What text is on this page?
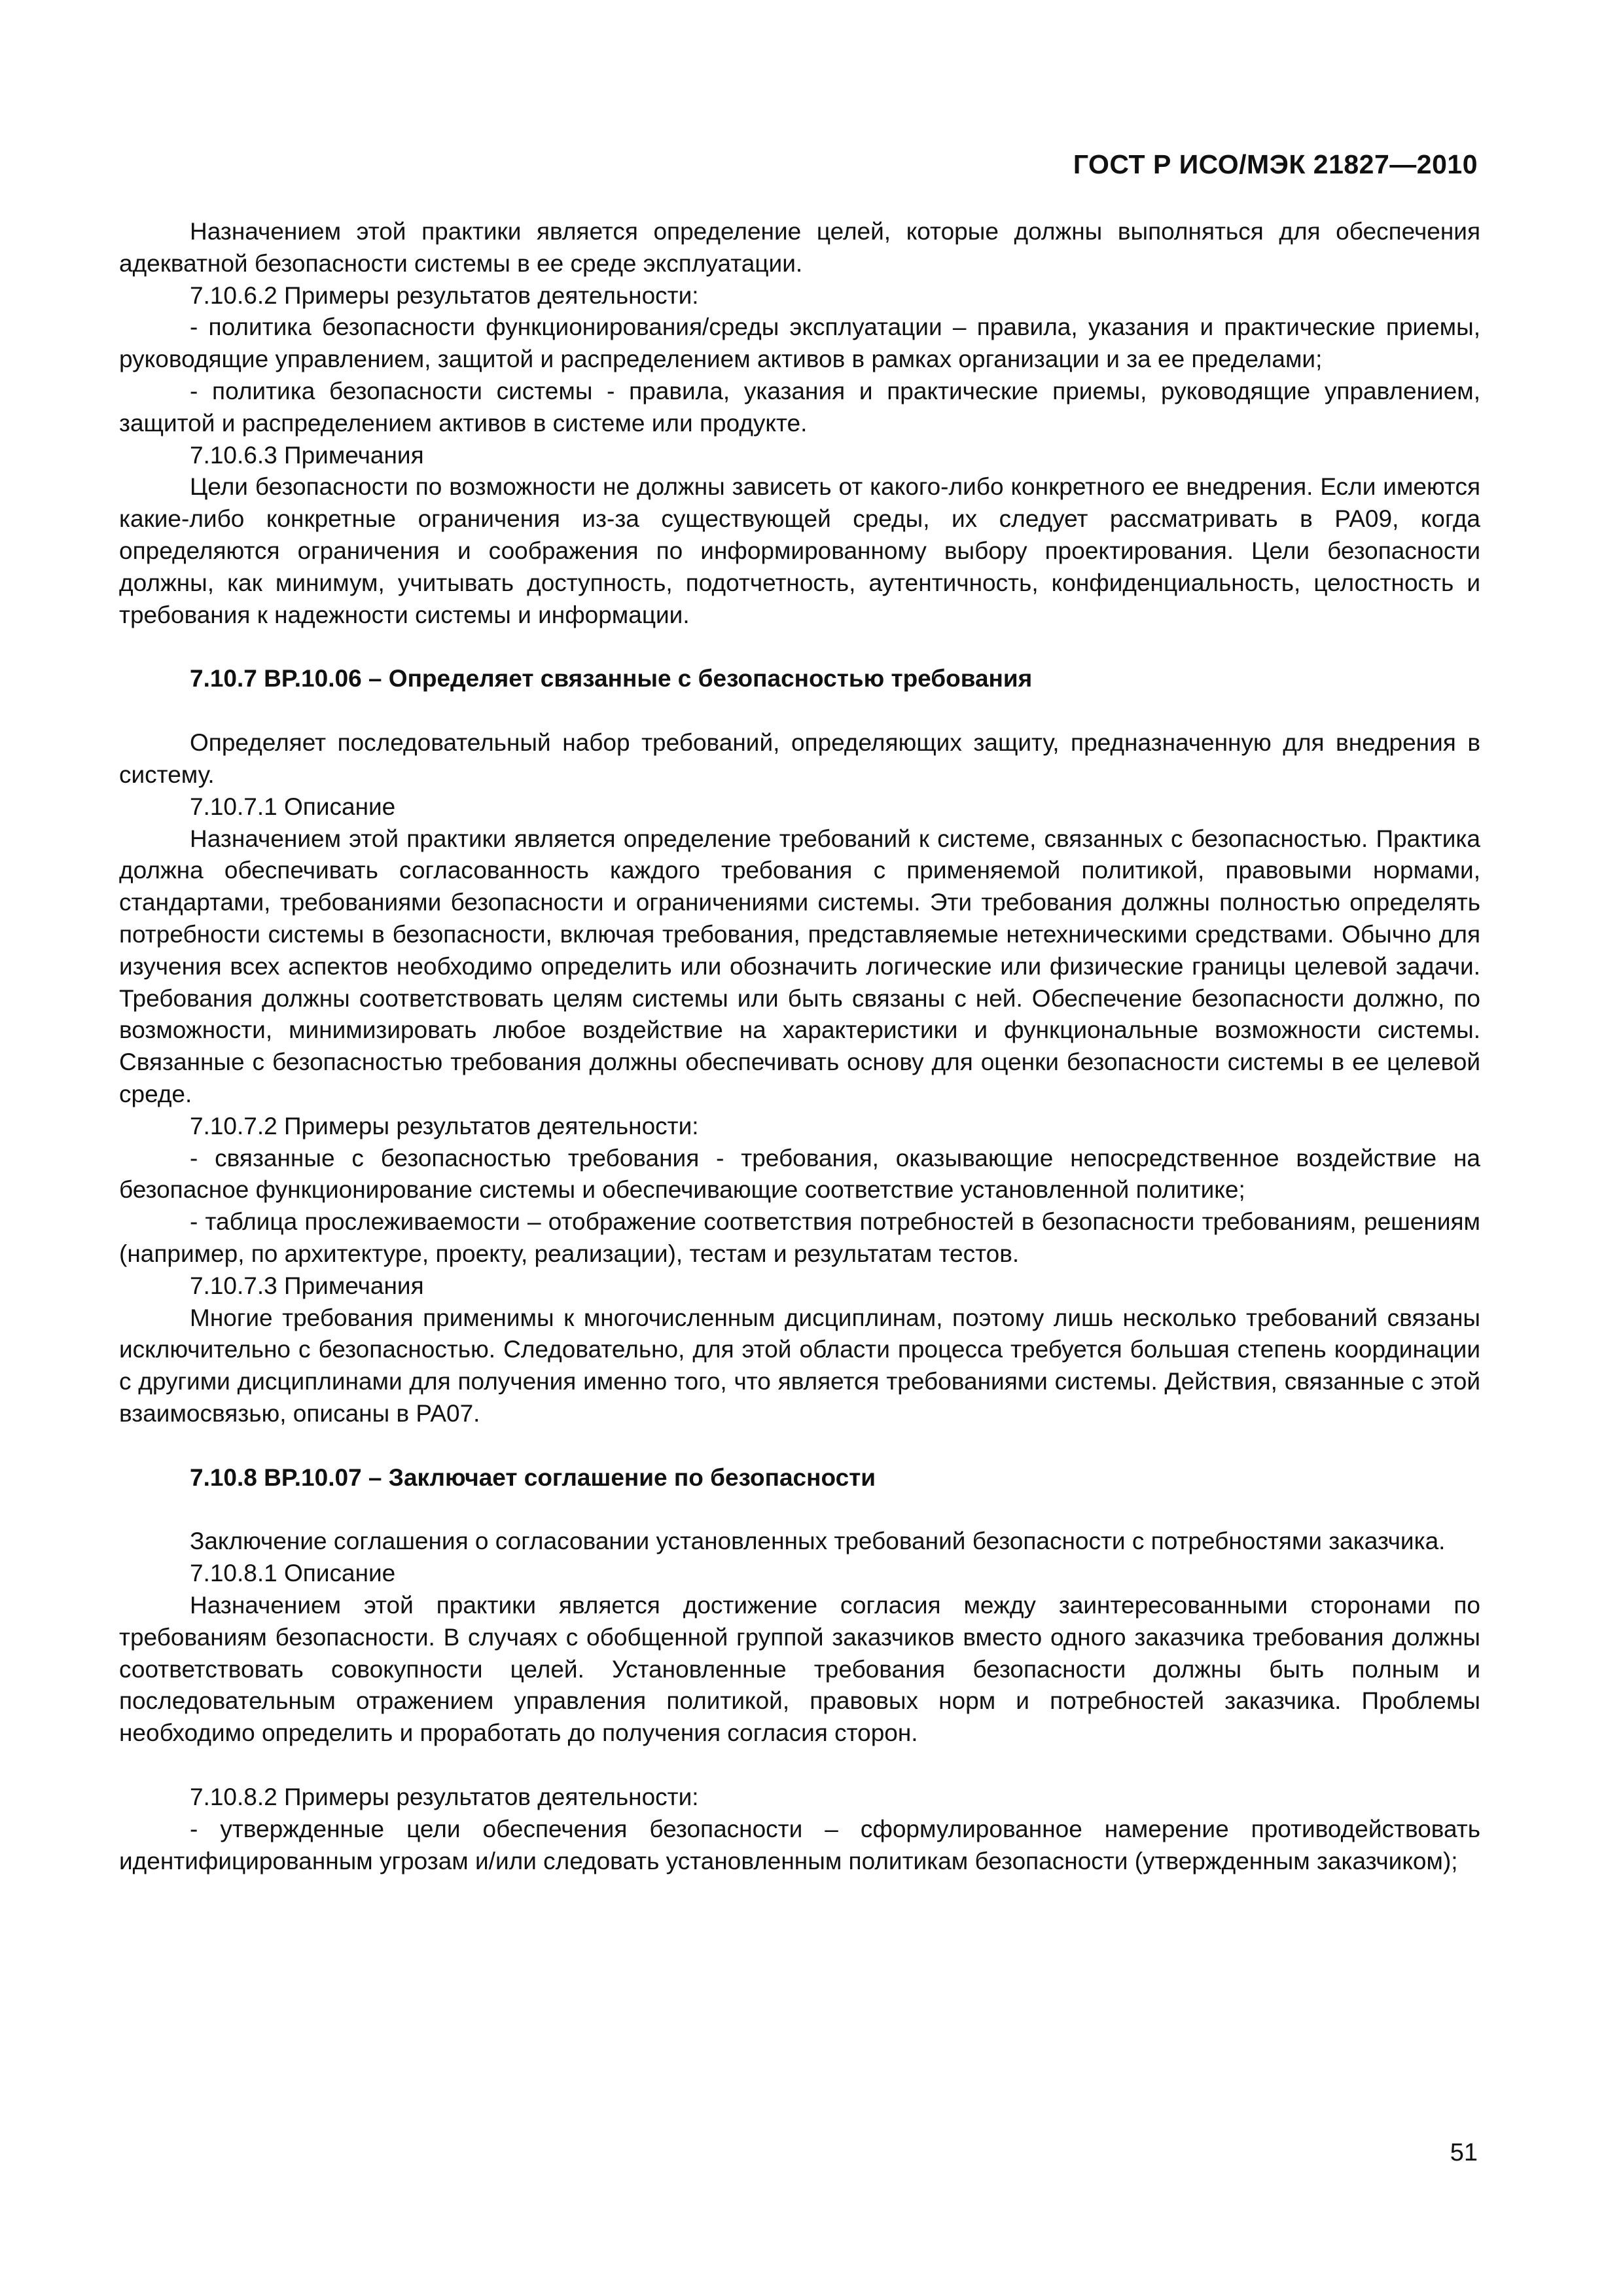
ГОСТ Р ИСО/МЭК 21827—2010

Назначением этой практики является определение целей, которые должны выполняться для обеспечения адекватной безопасности системы в ее среде эксплуатации.

7.10.6.2 Примеры результатов деятельности:

- политика безопасности функционирования/среды эксплуатации – правила, указания и практические приемы, руководящие управлением, защитой и распределением активов в рамках организации и за ее пределами;

- политика безопасности системы - правила, указания и практические приемы, руководящие управлением, защитой и распределением активов в системе или продукте.

7.10.6.3 Примечания

Цели безопасности по возможности не должны зависеть от какого-либо конкретного ее внедрения. Если имеются какие-либо конкретные ограничения из-за существующей среды, их следует рассматривать в PA09, когда определяются ограничения и соображения по информированному выбору проектирования. Цели безопасности должны, как минимум, учитывать доступность, подотчетность, аутентичность, конфиденциальность, целостность и требования к надежности системы и информации.

7.10.7 BP.10.06 – Определяет связанные с безопасностью требования

Определяет последовательный набор требований, определяющих защиту, предназначенную для внедрения в систему.

7.10.7.1 Описание

Назначением этой практики является определение требований к системе, связанных с безопасностью. Практика должна обеспечивать согласованность каждого требования с применяемой политикой, правовыми нормами, стандартами, требованиями безопасности и ограничениями системы. Эти требования должны полностью определять потребности системы в безопасности, включая требования, представляемые нетехническими средствами. Обычно для изучения всех аспектов необходимо определить или обозначить логические или физические границы целевой задачи. Требования должны соответствовать целям системы или быть связаны с ней. Обеспечение безопасности должно, по возможности, минимизировать любое воздействие на характеристики и функциональные возможности системы. Связанные с безопасностью требования должны обеспечивать основу для оценки безопасности системы в ее целевой среде.

7.10.7.2 Примеры результатов деятельности:

- связанные с безопасностью требования - требования, оказывающие непосредственное воздействие на безопасное функционирование системы и обеспечивающие соответствие установленной политике;

- таблица прослеживаемости – отображение соответствия потребностей в безопасности требованиям, решениям (например, по архитектуре, проекту, реализации), тестам и результатам тестов.

7.10.7.3 Примечания

Многие требования применимы к многочисленным дисциплинам, поэтому лишь несколько требований связаны исключительно с безопасностью. Следовательно, для этой области процесса требуется большая степень координации с другими дисциплинами для получения именно того, что является требованиями системы. Действия, связанные с этой взаимосвязью, описаны в PA07.

7.10.8 BP.10.07 – Заключает соглашение по безопасности

Заключение соглашения о согласовании установленных требований безопасности с потребностями заказчика.

7.10.8.1 Описание

Назначением этой практики является достижение согласия между заинтересованными сторонами по требованиям безопасности. В случаях с обобщенной группой заказчиков вместо одного заказчика требования должны соответствовать совокупности целей. Установленные требования безопасности должны быть полным и последовательным отражением управления политикой, правовых норм и потребностей заказчика. Проблемы необходимо определить и проработать до получения согласия сторон.

7.10.8.2 Примеры результатов деятельности:

- утвержденные цели обеспечения безопасности – сформулированное намерение противодействовать идентифицированным угрозам и/или следовать установленным политикам безопасности (утвержденным заказчиком);

51
